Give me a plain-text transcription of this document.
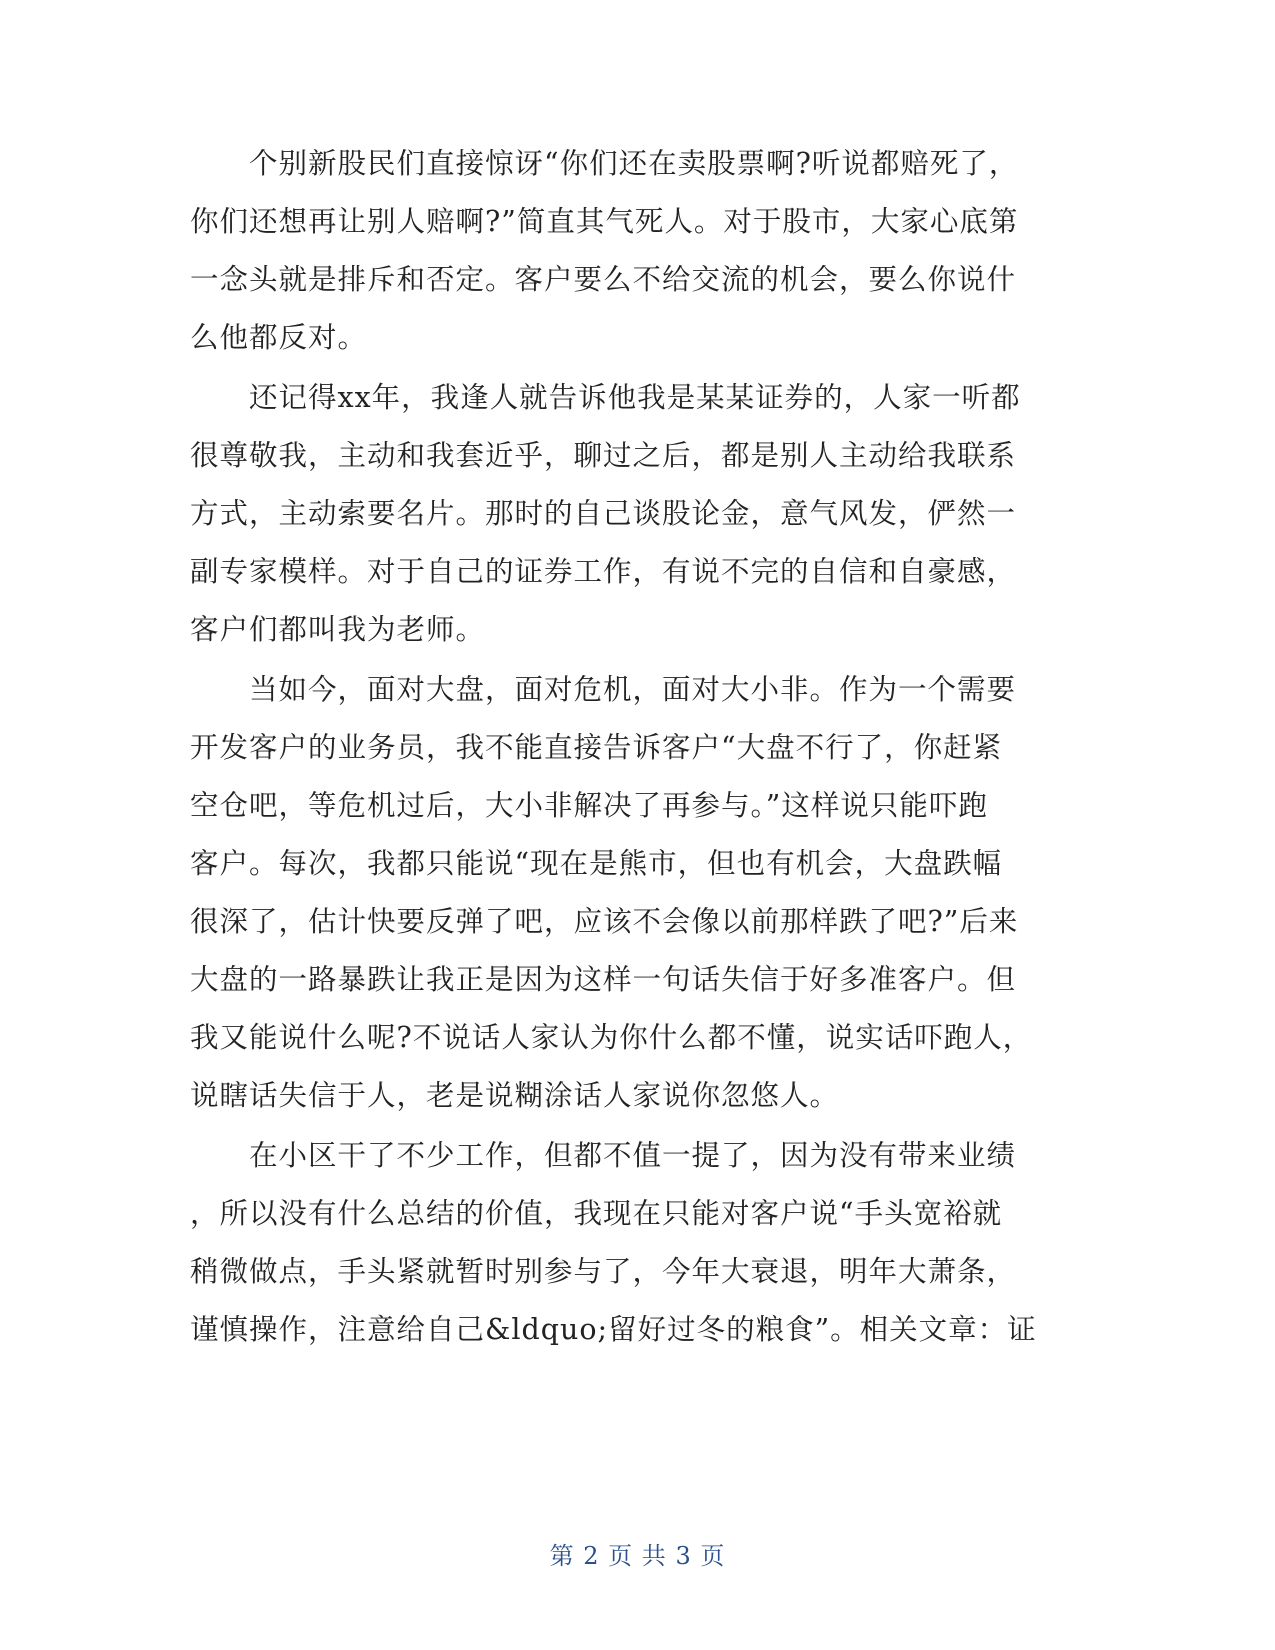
　　个别新股民们直接惊讶“你们还在卖股票啊?听说都赔死了，
你们还想再让别人赔啊?”简直其气死人。对于股市，大家心底第
一念头就是排斥和否定。客户要么不给交流的机会，要么你说什
么他都反对。
　　还记得xx年，我逢人就告诉他我是某某证券的，人家一听都
很尊敬我，主动和我套近乎，聊过之后，都是别人主动给我联系
方式，主动索要名片。那时的自己谈股论金，意气风发，俨然一
副专家模样。对于自己的证券工作，有说不完的自信和自豪感，
客户们都叫我为老师。
　　当如今，面对大盘，面对危机，面对大小非。作为一个需要
开发客户的业务员，我不能直接告诉客户“大盘不行了，你赶紧
空仓吧，等危机过后，大小非解决了再参与。”这样说只能吓跑
客户。每次，我都只能说“现在是熊市，但也有机会，大盘跌幅
很深了，估计快要反弹了吧，应该不会像以前那样跌了吧?”后来
大盘的一路暴跌让我正是因为这样一句话失信于好多准客户。但
我又能说什么呢?不说话人家认为你什么都不懂，说实话吓跑人，
说瞎话失信于人，老是说糊涂话人家说你忽悠人。
　　在小区干了不少工作，但都不值一提了，因为没有带来业绩
，所以没有什么总结的价值，我现在只能对客户说“手头宽裕就
稍微做点，手头紧就暂时别参与了，今年大衰退，明年大萧条，
谨慎操作，注意给自己&ldquo;留好过冬的粮食”。相关文章：证
第 2 页 共 3 页
